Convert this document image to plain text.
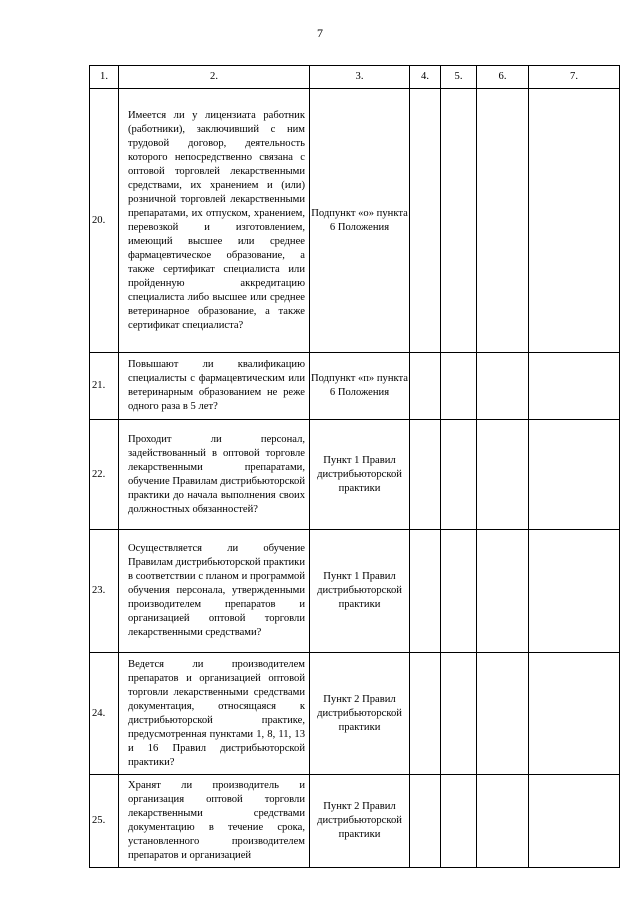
7
1.	2.	3.	4.	5.	6.	7.
20.	Имеется ли у лицензиата работник (работники), заключивший с ним трудовой договор, деятельность которого непосредственно связана с оптовой торговлей лекарственными средствами, их хранением и (или) розничной торговлей лекарственными препаратами, их отпуском, хранением, перевозкой и изготовлением, имеющий высшее или среднее фармацевтическое образование, а также сертификат специалиста или пройденную аккредитацию специалиста либо высшее или среднее ветеринарное образование, а также сертификат специалиста?	Подпункт «о» пункта 6 Положения				
21.	Повышают ли квалификацию специалисты с фармацевтическим или ветеринарным образованием не реже одного раза в 5 лет?	Подпункт «п» пункта 6 Положения				
22.	Проходит ли персонал, задействованный в оптовой торговле лекарственными препаратами, обучение Правилам дистрибьюторской практики до начала выполнения своих должностных обязанностей?	Пункт 1 Правил дистрибьюторской практики				
23.	Осуществляется ли обучение Правилам дистрибьюторской практики в соответствии с планом и программой обучения персонала, утвержденными производителем препаратов и организацией оптовой торговли лекарственными средствами?	Пункт 1 Правил дистрибьюторской практики				
24.	Ведется ли производителем препаратов и организацией оптовой торговли лекарственными средствами документация, относящаяся к дистрибьюторской практике, предусмотренная пунктами 1, 8, 11, 13 и 16 Правил дистрибьюторской практики?	Пункт 2 Правил дистрибьюторской практики				
25.	Хранят ли производитель и организация оптовой торговли лекарственными средствами документацию в течение срока, установленного производителем препаратов и организацией	Пункт 2 Правил дистрибьюторской практики				
